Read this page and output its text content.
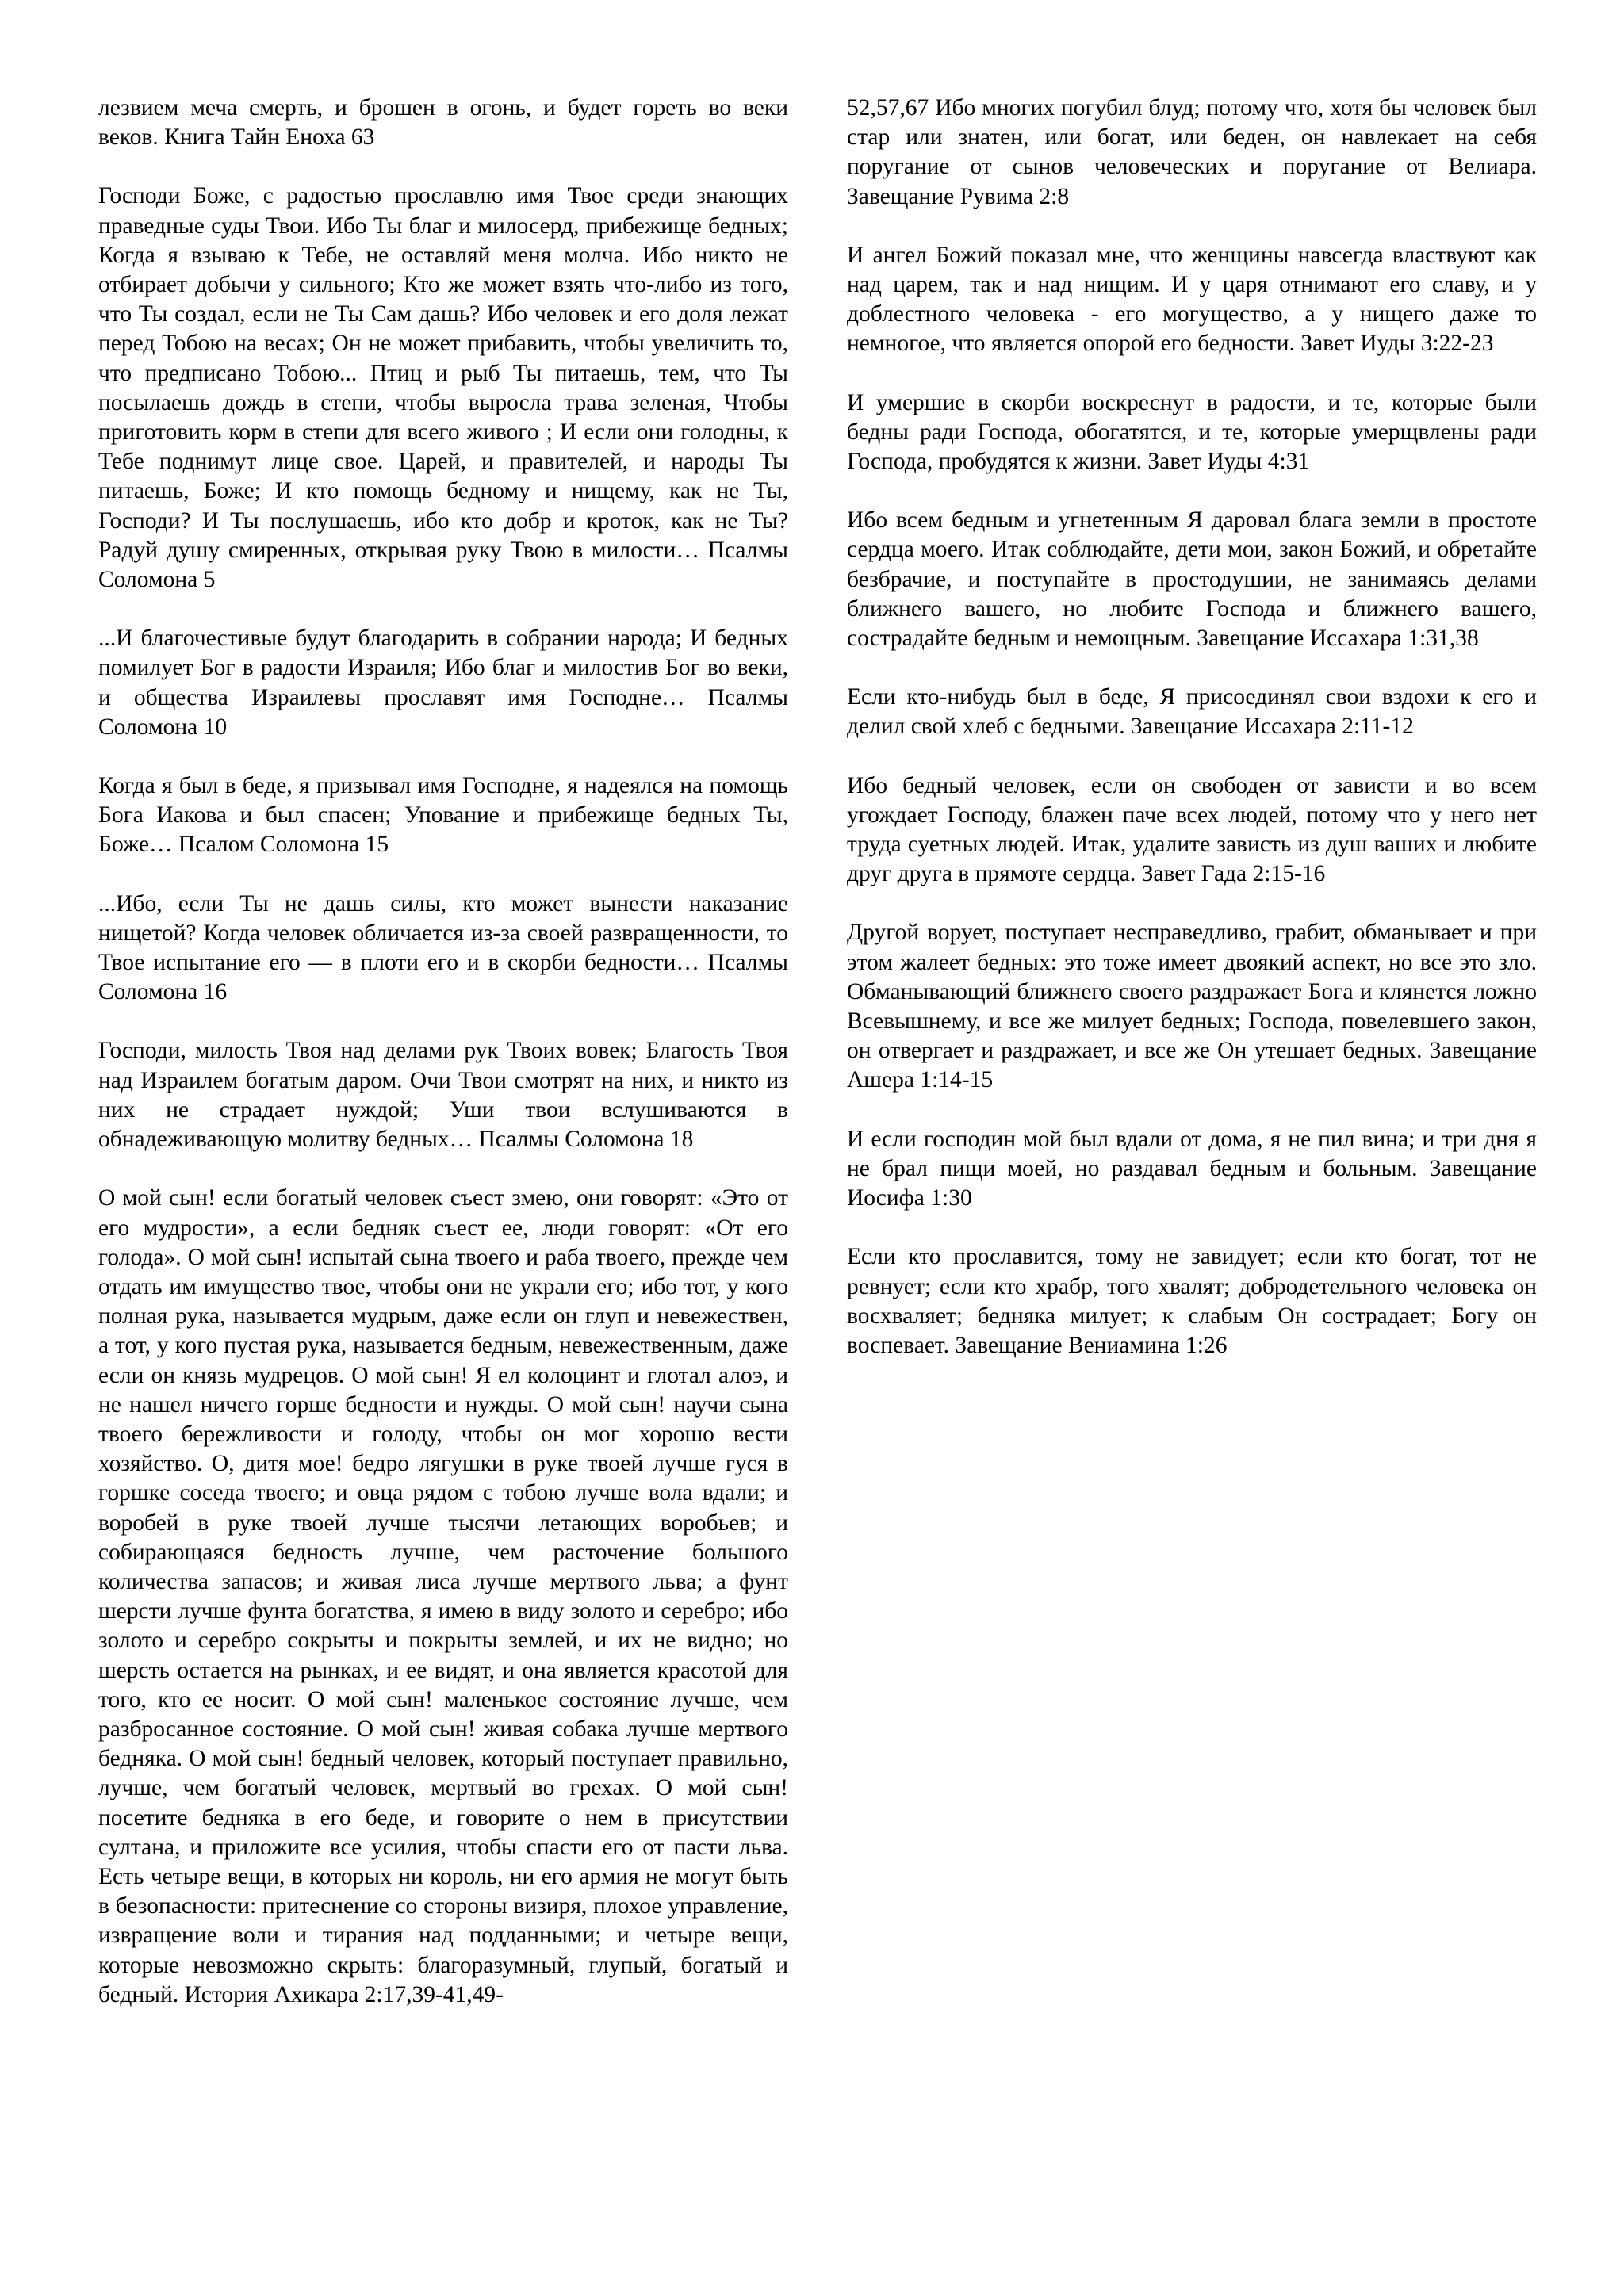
лезвием меча смерть, и брошен в огонь, и будет гореть во веки веков. Книга Тайн Еноха 63

Господи Боже, с радостью прославлю имя Твое среди знающих праведные суды Твои. Ибо Ты благ и милосерд, прибежище бедных; Когда я взываю к Тебе, не оставляй меня молча. Ибо никто не отбирает добычи у сильного; Кто же может взять что-либо из того, что Ты создал, если не Ты Сам дашь? Ибо человек и его доля лежат перед Тобою на весах; Он не может прибавить, чтобы увеличить то, что предписано Тобою... Птиц и рыб Ты питаешь, тем, что Ты посылаешь дождь в степи, чтобы выросла трава зеленая, Чтобы приготовить корм в степи для всего живого ; И если они голодны, к Тебе поднимут лице свое. Царей, и правителей, и народы Ты питаешь, Боже; И кто помощь бедному и нищему, как не Ты, Господи? И Ты послушаешь, ибо кто добр и кроток, как не Ты? Радуй душу смиренных, открывая руку Твою в милости… Псалмы Соломона 5

...И благочестивые будут благодарить в собрании народа; И бедных помилует Бог в радости Израиля; Ибо благ и милостив Бог во веки, и общества Израилевы прославят имя Господне… Псалмы Соломона 10

Когда я был в беде, я призывал имя Господне, я надеялся на помощь Бога Иакова и был спасен; Упование и прибежище бедных Ты, Боже… Псалом Соломона 15

...Ибо, если Ты не дашь силы, кто может вынести наказание нищетой? Когда человек обличается из-за своей развращенности, то Твое испытание его — в плоти его и в скорби бедности… Псалмы Соломона 16

Господи, милость Твоя над делами рук Твоих вовек; Благость Твоя над Израилем богатым даром. Очи Твои смотрят на них, и никто из них не страдает нуждой; Уши твои вслушиваются в обнадеживающую молитву бедных… Псалмы Соломона 18

О мой сын! если богатый человек съест змею, они говорят: «Это от его мудрости», а если бедняк съест ее, люди говорят: «От его голода». О мой сын! испытай сына твоего и раба твоего, прежде чем отдать им имущество твое, чтобы они не украли его; ибо тот, у кого полная рука, называется мудрым, даже если он глуп и невежествен, а тот, у кого пустая рука, называется бедным, невежественным, даже если он князь мудрецов. О мой сын! Я ел колоцинт и глотал алоэ, и не нашел ничего горше бедности и нужды. О мой сын! научи сына твоего бережливости и голоду, чтобы он мог хорошо вести хозяйство. О, дитя мое! бедро лягушки в руке твоей лучше гуся в горшке соседа твоего; и овца рядом с тобою лучше вола вдали; и воробей в руке твоей лучше тысячи летающих воробьев; и собирающаяся бедность лучше, чем расточение большого количества запасов; и живая лиса лучше мертвого льва; а фунт шерсти лучше фунта богатства, я имею в виду золото и серебро; ибо золото и серебро сокрыты и покрыты землей, и их не видно; но шерсть остается на рынках, и ее видят, и она является красотой для того, кто ее носит. О мой сын! маленькое состояние лучше, чем разбросанное состояние. О мой сын! живая собака лучше мертвого бедняка. О мой сын! бедный человек, который поступает правильно, лучше, чем богатый человек, мертвый во грехах. О мой сын! посетите бедняка в его беде, и говорите о нем в присутствии султана, и приложите все усилия, чтобы спасти его от пасти льва. Есть четыре вещи, в которых ни король, ни его армия не могут быть в безопасности: притеснение со стороны визиря, плохое управление, извращение воли и тирания над подданными; и четыре вещи, которые невозможно скрыть: благоразумный, глупый, богатый и бедный. История Ахикара 2:17,39-41,49-

52,57,67 Ибо многих погубил блуд; потому что, хотя бы человек был стар или знатен, или богат, или беден, он навлекает на себя поругание от сынов человеческих и поругание от Велиара. Завещание Рувима 2:8

И ангел Божий показал мне, что женщины навсегда властвуют как над царем, так и над нищим. И у царя отнимают его славу, и у доблестного человека - его могущество, а у нищего даже то немногое, что является опорой его бедности. Завет Иуды 3:22-23

И умершие в скорби воскреснут в радости, и те, которые были бедны ради Господа, обогатятся, и те, которые умерщвлены ради Господа, пробудятся к жизни. Завет Иуды 4:31

Ибо всем бедным и угнетенным Я даровал блага земли в простоте сердца моего. Итак соблюдайте, дети мои, закон Божий, и обретайте безбрачие, и поступайте в простодушии, не занимаясь делами ближнего вашего, но любите Господа и ближнего вашего, сострадайте бедным и немощным. Завещание Иссахара 1:31,38

Если кто-нибудь был в беде, Я присоединял свои вздохи к его и делил свой хлеб с бедными. Завещание Иссахара 2:11-12

Ибо бедный человек, если он свободен от зависти и во всем угождает Господу, блажен паче всех людей, потому что у него нет труда суетных людей. Итак, удалите зависть из душ ваших и любите друг друга в прямоте сердца. Завет Гада 2:15-16

Другой ворует, поступает несправедливо, грабит, обманывает и при этом жалеет бедных: это тоже имеет двоякий аспект, но все это зло. Обманывающий ближнего своего раздражает Бога и клянется ложно Всевышнему, и все же милует бедных; Господа, повелевшего закон, он отвергает и раздражает, и все же Он утешает бедных. Завещание Ашера 1:14-15

И если господин мой был вдали от дома, я не пил вина; и три дня я не брал пищи моей, но раздавал бедным и больным. Завещание Иосифа 1:30

Если кто прославится, тому не завидует; если кто богат, тот не ревнует; если кто храбр, того хвалят; добродетельного человека он восхваляет; бедняка милует; к слабым Он сострадает; Богу он воспевает. Завещание Вениамина 1:26
